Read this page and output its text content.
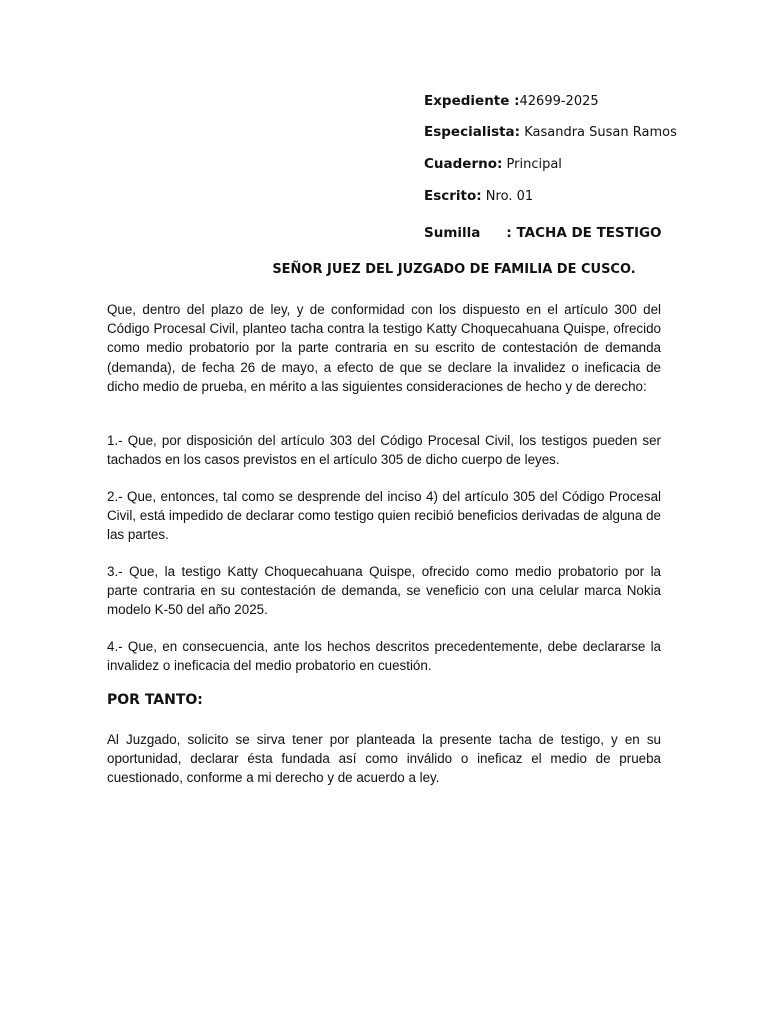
Expediente :42699-2025
Especialista: Kasandra Susan Ramos
Cuaderno: Principal
Escrito: Nro. 01
Sumilla : TACHA DE TESTIGO
SEÑOR JUEZ DEL JUZGADO DE FAMILIA DE CUSCO.
Que, dentro del plazo de ley, y de conformidad con los dispuesto en el artículo 300 del Código Procesal Civil, planteo tacha contra la testigo Katty Choquecahuana Quispe, ofrecido como medio probatorio por la parte contraria en su escrito de contestación de demanda (demanda), de fecha 26 de mayo, a efecto de que se declare la invalidez o ineficacia de dicho medio de prueba, en mérito a las siguientes consideraciones de hecho y de derecho:
1.- Que, por disposición del artículo 303 del Código Procesal Civil, los testigos pueden ser tachados en los casos previstos en el artículo 305 de dicho cuerpo de leyes.
2.- Que, entonces, tal como se desprende del inciso 4) del artículo 305 del Código Procesal Civil, está impedido de declarar como testigo quien recibió beneficios derivadas de alguna de las partes.
3.- Que, la testigo Katty Choquecahuana Quispe, ofrecido como medio probatorio por la parte contraria en su contestación de demanda, se veneficio con una celular marca Nokia modelo K-50 del año 2025.
4.- Que, en consecuencia, ante los hechos descritos precedentemente, debe declararse la invalidez o ineficacia del medio probatorio en cuestión.
POR TANTO:
Al Juzgado, solicito se sirva tener por planteada la presente tacha de testigo, y en su oportunidad, declarar ésta fundada así como inválido o ineficaz el medio de prueba cuestionado, conforme a mi derecho y de acuerdo a ley.
